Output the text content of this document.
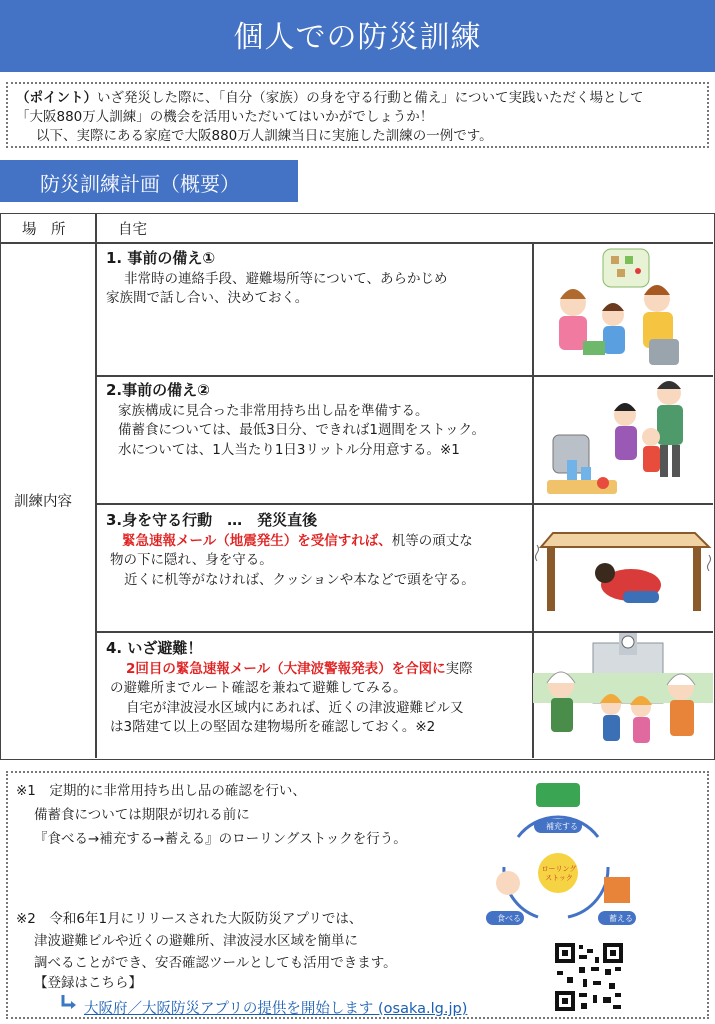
個人での防災訓練
（ポイント）いざ発災した際に、「自分（家族）の身を守る行動と備え」について実践いただく場として
「大阪880万人訓練」の機会を活用いただいてはいかがでしょうか！
以下、実際にある家庭で大阪880万人訓練当日に実施した訓練の一例です。
防災訓練計画（概要）
場　所	自宅
訓練内容
1. 事前の備え①
非常時の連絡手段、避難場所等について、あらかじめ
家族間で話し合い、決めておく。
2.事前の備え②
家族構成に見合った非常用持ち出し品を準備する。
備蓄食については、最低3日分、できれば1週間をストック。
水については、1人当たり1日3リットル分用意する。※1
3.身を守る行動　…　発災直後
緊急速報メール（地震発生）を受信すれば、机等の頑丈な
物の下に隠れ、身を守る。
近くに机等がなければ、クッションや本などで頭を守る。
4. いざ避難！
2回目の緊急速報メール（大津波警報発表）を合図に実際
の避難所までルート確認を兼ねて避難してみる。
自宅が津波浸水区域内にあれば、近くの津波避難ビル又
は3階建て以上の堅固な建物場所を確認しておく。※2
※1　定期的に非常用持ち出し品の確認を行い、
備蓄食については期限が切れる前に
『食べる→補充する→蓄える』のローリングストックを行う。
※2　令和6年1月にリリースされた大阪防災アプリでは、
津波避難ビルや近くの避難所、津波浸水区域を簡単に
調べることができ、安否確認ツールとしても活用できます。
【登録はこちら】
大阪府／大阪防災アプリの提供を開始します (osaka.lg.jp)
補充する
ローリング
ストック
食べる	蓄える
